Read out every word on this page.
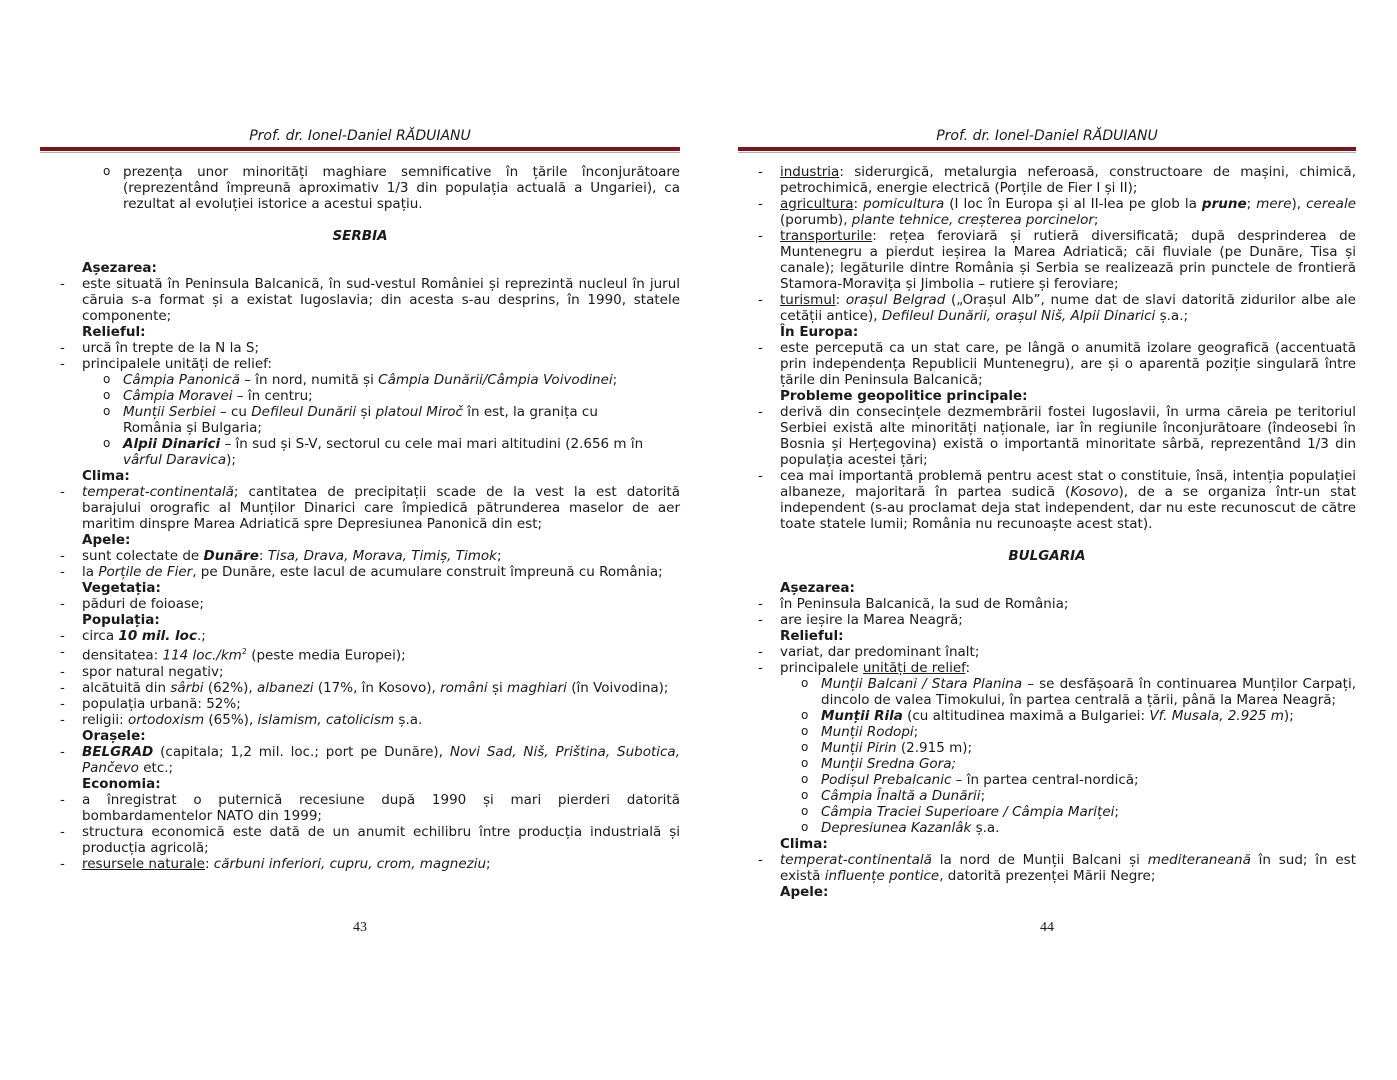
Prof. dr. Ionel-Daniel RĂDUIANU

o prezența unor minorități maghiare semnificative în țările înconjurătoare (reprezentând împreună aproximativ 1/3 din populația actuală a Ungariei), ca rezultat al evoluției istorice a acestui spațiu.

SERBIA

Așezarea:

- este situată în Peninsula Balcanică, în sud-vestul României și reprezintă nucleul în jurul căruia s-a format și a existat Iugoslavia; din acesta s-au desprins, în 1990, statele componente;

Relieful:

- urcă în trepte de la N la S;

- principalele unități de relief:

o Câmpia Panonică – în nord, numită și Câmpia Dunării/Câmpia Voivodinei;

o Câmpia Moravei – în centru;

o Munții Serbiei – cu Defileul Dunării și platoul Miroč în est, la granița cu România și Bulgaria;

o Alpii Dinarici – în sud și S-V, sectorul cu cele mai mari altitudini (2.656 m în vârful Daravica);

Clima:

- temperat-continentală; cantitatea de precipitații scade de la vest la est datorită barajului orografic al Munților Dinarici care împiedică pătrunderea maselor de aer maritim dinspre Marea Adriatică spre Depresiunea Panonică din est;

Apele:

- sunt colectate de Dunăre: Tisa, Drava, Morava, Timiș, Timok;

- la Porțile de Fier, pe Dunăre, este lacul de acumulare construit împreună cu România;

Vegetația:

- păduri de foioase;

Populația:

- circa 10 mil. loc.;

- densitatea: 114 $loc./km^2$ (peste media Europei);

- spor natural negativ;

- alcătuită din sârbi (62%), albanezi (17%, în Kosovo), români și maghiari (în Voivodina);

- populația urbană: 52%;

- religii: ortodoxism (65%), islamism, catolicism ș.a.

Orașele:

- BELGRAD (capitala; 1,2 mil. loc.; port pe Dunăre), Novi Sad, Niš, Priština, Subotica, Pančevo etc.;

Economia:

- a înregistrat o puternică recesiune după 1990 și mari pierderi datorită bombardamentelor NATO din 1999;

- structura economică este dată de un anumit echilibru între producția industrială și producția agricolă;

- resursele naturale: cărbuni inferiori, cupru, crom, magneziu;

43
Prof. dr. Ionel-Daniel RĂDUIANU

- industria: siderurgică, metalurgia neferoasă, constructoare de mașini, chimică, petrochimică, energie electrică (Porțile de Fier I și II);

- agricultura: pomicultura (I loc în Europa și al II-lea pe glob la prune; mere), cereale (porumb), plante tehnice, creșterea porcinelor;

- transporturile: rețea feroviară și rutieră diversificată; după desprinderea de Muntenegru a pierdut ieșirea la Marea Adriatică; căi fluviale (pe Dunăre, Tisa și canale); legăturile dintre România și Serbia se realizează prin punctele de frontieră Stamora-Moravița și Jimbolia – rutiere și feroviare;

- turismul: orașul Belgrad („Orașul Alb”, nume dat de slavi datorită zidurilor albe ale cetății antice), Defileul Dunării, orașul Niš, Alpii Dinarici ș.a.;

În Europa:

- este percepută ca un stat care, pe lângă o anumită izolare geografică (accentuată prin independența Republicii Muntenegru), are și o aparentă poziție singulară între țările din Peninsula Balcanică;

Probleme geopolitice principale:

- derivă din consecințele dezmembrării fostei Iugoslavii, în urma căreia pe teritoriul Serbiei există alte minorități naționale, iar în regiunile înconjurătoare (îndeosebi în Bosnia și Herțegovina) există o importantă minoritate sârbă, reprezentând 1/3 din populația acestei țări;

- cea mai importantă problemă pentru acest stat o constituie, însă, intenția populației albaneze, majoritară în partea sudică (Kosovo), de a se organiza într-un stat independent (s-au proclamat deja stat independent, dar nu este recunoscut de către toate statele lumii; România nu recunoaște acest stat).

BULGARIA

Așezarea:

- în Peninsula Balcanică, la sud de România;

- are ieșire la Marea Neagră;

Relieful:

- variat, dar predominant înalt;

- principalele unități de relief:

o Munții Balcani / Stara Planina – se desfășoară în continuarea Munților Carpați, dincolo de valea Timokului, în partea centrală a țării, până la Marea Neagră;

o Munții Rila (cu altitudinea maximă a Bulgariei: Vf. Musala, 2.925 m);

o Munții Rodopi;

o Munții Pirin (2.915 m);

o Munții Sredna Gora;

o Podișul Prebalcanic – în partea central-nordică;

o Câmpia Înaltă a Dunării;

o Câmpia Traciei Superioare / Câmpia Mariței;

o Depresiunea Kazanlâk ș.a.

Clima:

- temperat-continentală la nord de Munții Balcani și mediteraneană în sud; în est există influențe pontice, datorită prezenței Mării Negre;

Apele:

44
